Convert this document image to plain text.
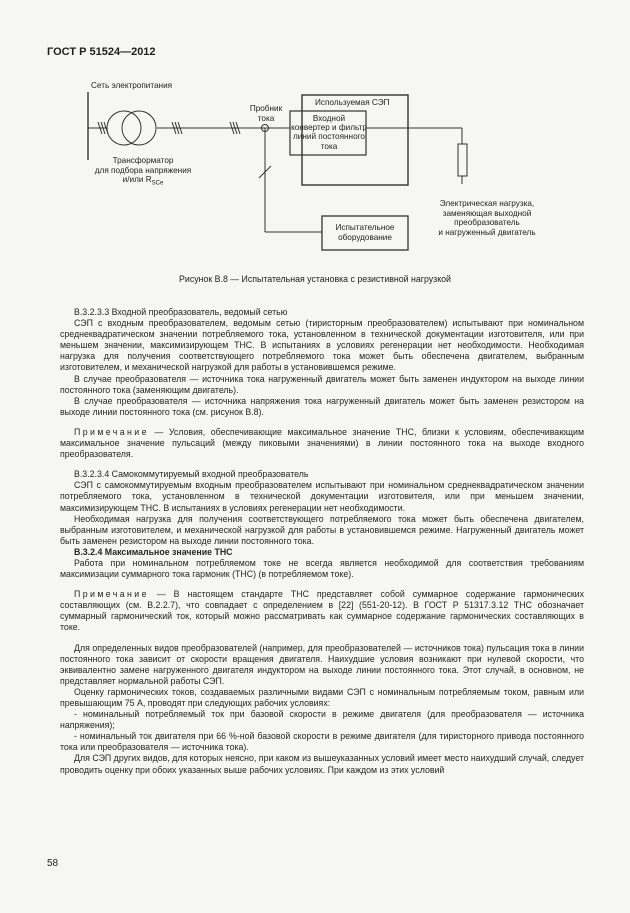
ГОСТ Р 51524—2012
Сеть электропитания
Пробник
тока
Используемая СЭП
Входной
конвертер и фильтр
линий постоянного
тока
Трансформатор
для подбора напряжения
и/или $R_{SCe}$
Электрическая нагрузка,
заменяющая выходной
преобразователь
и нагруженный двигатель
Испытательное
оборудование
Рисунок В.8 — Испытательная установка с резистивной нагрузкой

В.3.2.3.3 Входной преобразователь, ведомый сетью

СЭП с входным преобразователем, ведомым сетью (тиристорным преобразователем) испытывают при номинальном среднеквадратическом значении потребляемого тока, установленном в технической документации изготовителя, или при меньшем значении, максимизирующем ТНС. В испытаниях в условиях регенерации нет необходимости. Необходимая нагрузка для получения соответствующего потребляемого тока может быть обеспечена двигателем, выбранным изготовителем, и механической нагрузкой для работы в установившемся режиме.

В случае преобразователя — источника тока нагруженный двигатель может быть заменен индуктором на выходе линии постоянного тока (заменяющим двигатель).

В случае преобразователя — источника напряжения тока нагруженный двигатель может быть заменен резистором на выходе линии постоянного тока (см. рисунок В.8).

Примечание — Условия, обеспечивающие максимальное значение ТНС, близки к условиям, обеспечивающим максимальное значение пульсаций (между пиковыми значениями) в линии постоянного тока на выходе входного преобразователя.

В.3.2.3.4 Самокоммутируемый входной преобразователь

СЭП с самокоммутируемым входным преобразователем испытывают при номинальном среднеквадратическом значении потребляемого тока, установленном в технической документации изготовителя, или при меньшем значении, максимизирующем ТНС. В испытаниях в условиях регенерации нет необходимости.

Необходимая нагрузка для получения соответствующего потребляемого тока может быть обеспечена двигателем, выбранным изготовителем, и механической нагрузкой для работы в установившемся режиме. Нагруженный двигатель может быть заменен резистором на выходе линии постоянного тока.

В.3.2.4 Максимальное значение ТНС

Работа при номинальном потребляемом токе не всегда является необходимой для соответствия требованиям максимизации суммарного тока гармоник (ТНС) (в потребляемом токе).

Примечание — В настоящем стандарте ТНС представляет собой суммарное содержание гармонических составляющих (см. В.2.2.7), что совпадает с определением в [22] (551-20-12). В ГОСТ Р 51317.3.12 ТНС обозначает суммарный гармонический ток, который можно рассматривать как суммарное содержание гармонических составляющих в токе.

Для определенных видов преобразователей (например, для преобразователей — источников тока) пульсация тока в линии постоянного тока зависит от скорости вращения двигателя. Наихудшие условия возникают при нулевой скорости, что эквивалентно замене нагруженного двигателя индуктором на выходе линии постоянного тока. Этот случай, в основном, не представляет нормальной работы СЭП.

Оценку гармонических токов, создаваемых различными видами СЭП с номинальным потребляемым током, равным или превышающим 75 А, проводят при следующих рабочих условиях:

- номинальный потребляемый ток при базовой скорости в режиме двигателя (для преобразователя — источника напряжения);

- номинальный ток двигателя при 66 %-ной базовой скорости в режиме двигателя (для тиристорного привода постоянного тока или преобразователя — источника тока).

Для СЭП других видов, для которых неясно, при каком из вышеуказанных условий имеет место наихудший случай, следует проводить оценку при обоих указанных выше рабочих условиях. При каждом из этих условий

58
